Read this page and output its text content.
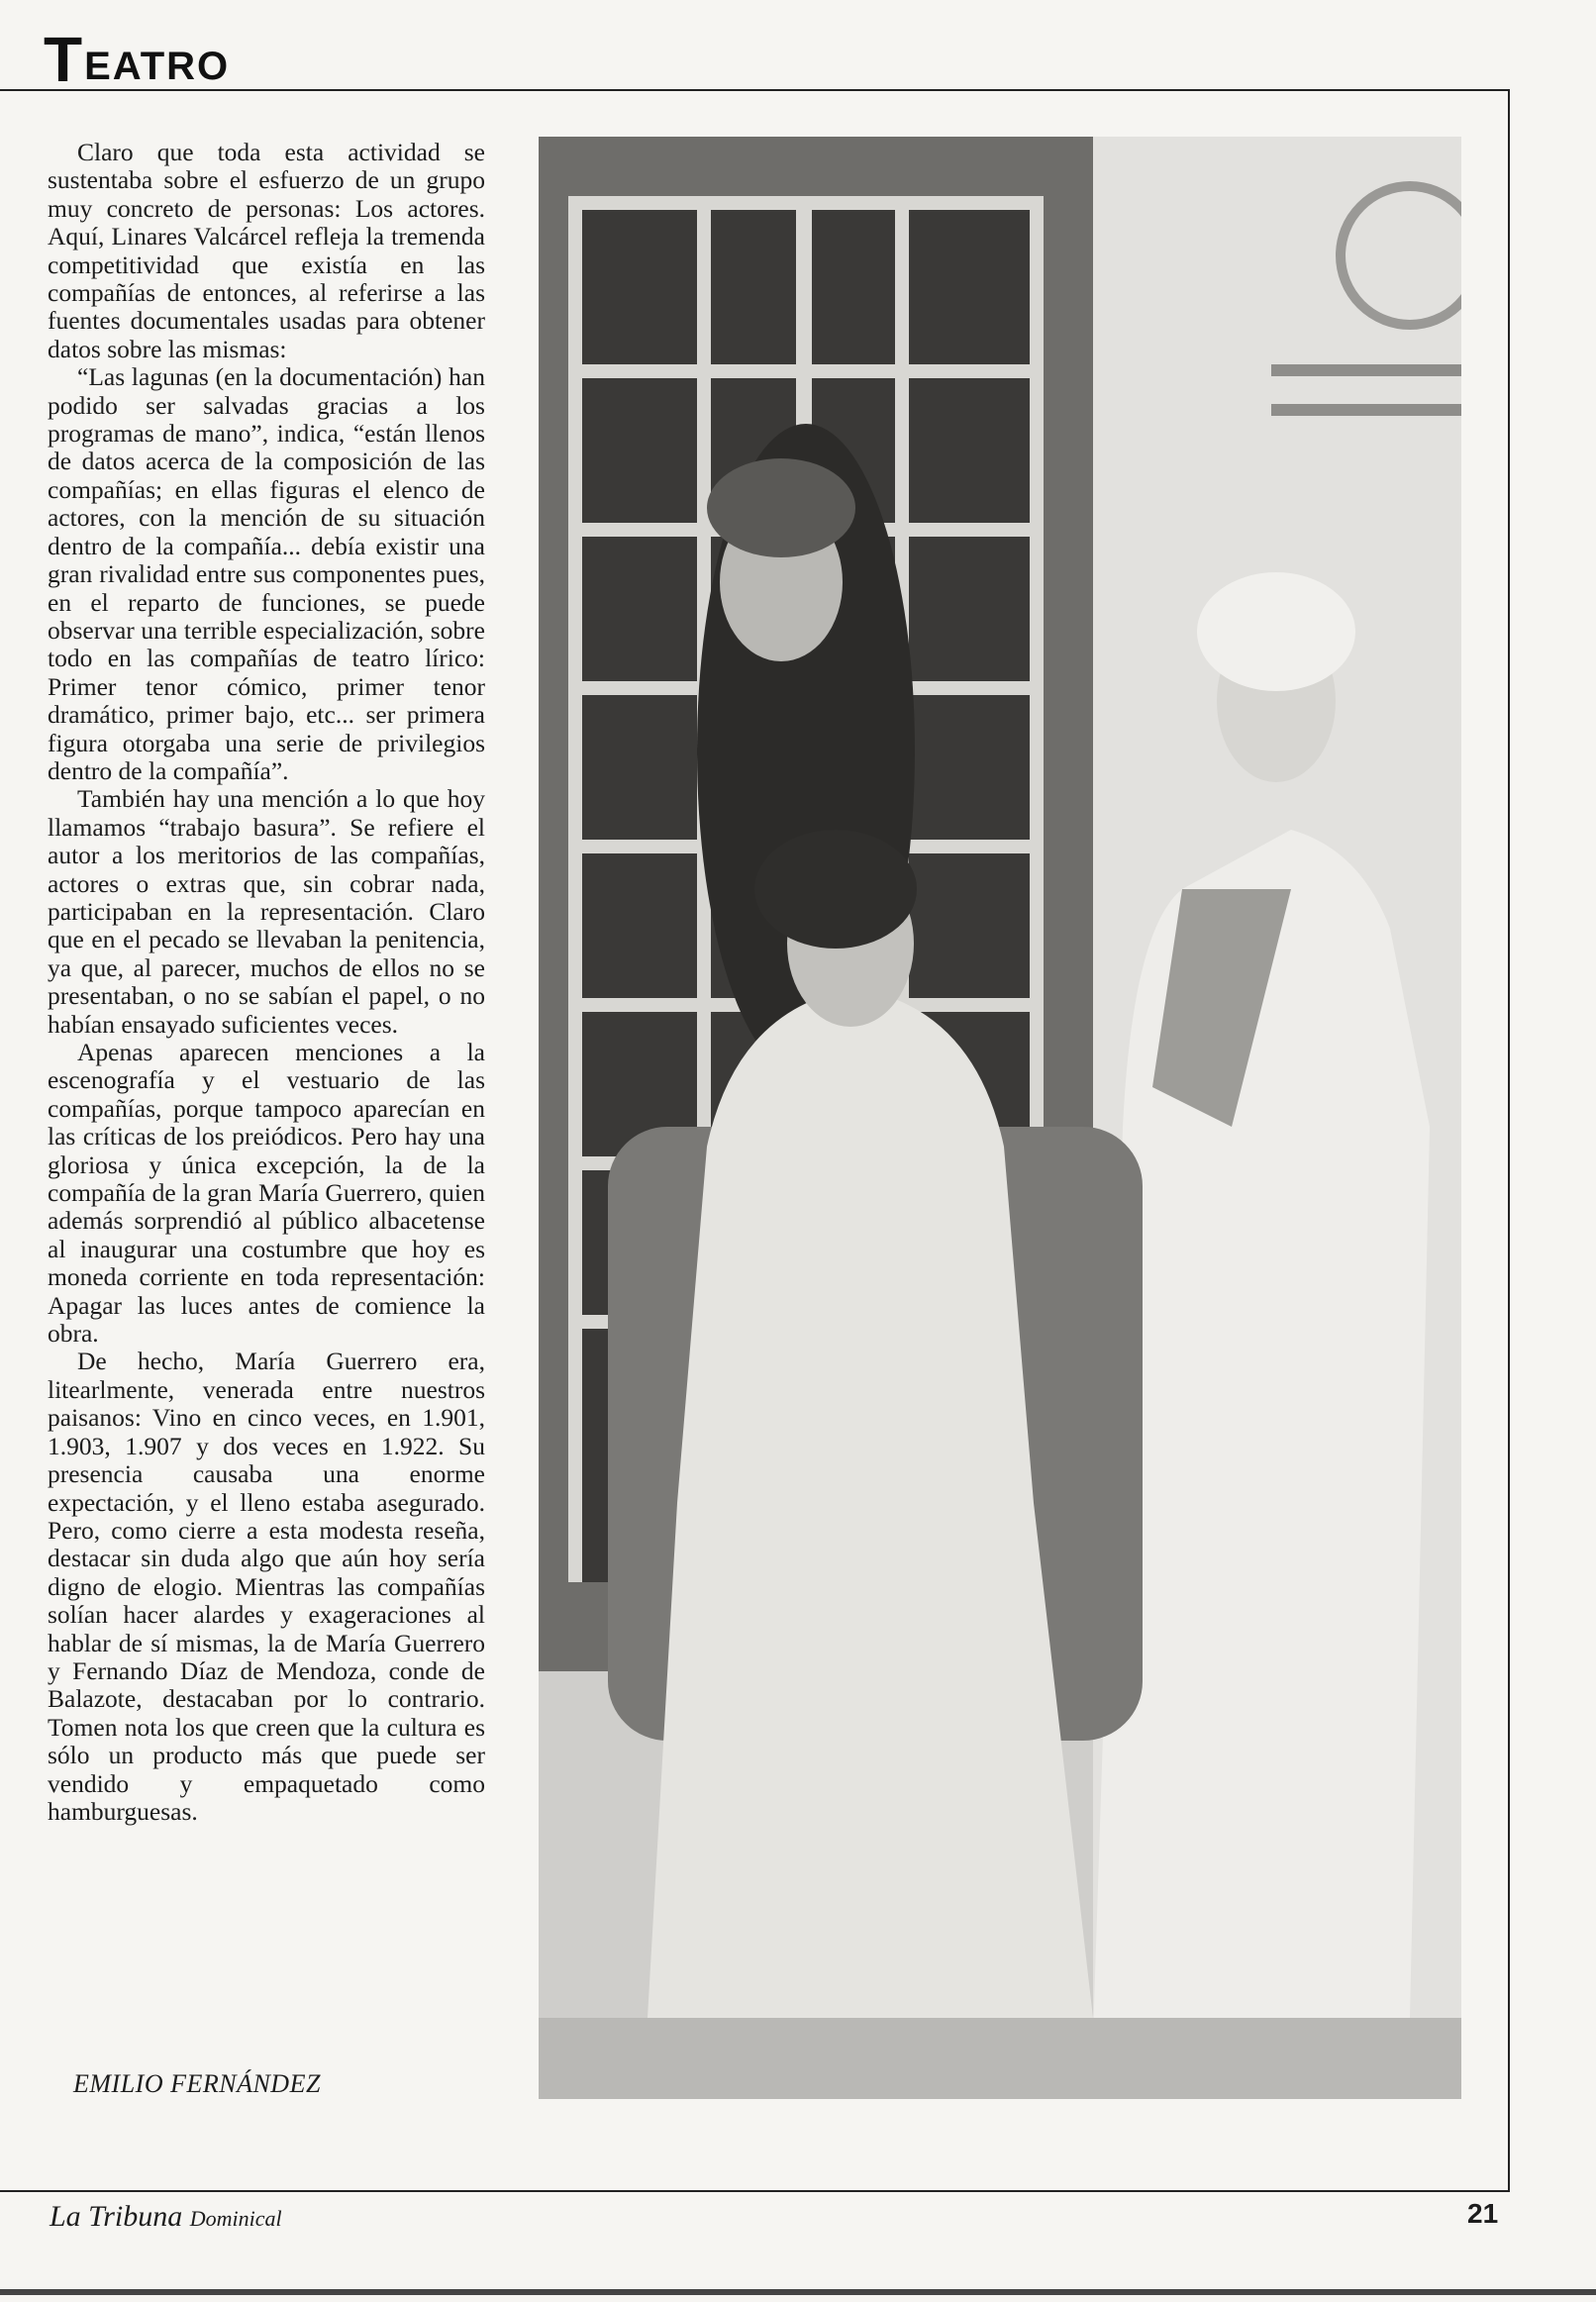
TEATRO

Claro que toda esta actividad se sustentaba sobre el esfuerzo de un grupo muy concreto de personas: Los actores. Aquí, Linares Valcárcel refleja la tremenda competitividad que existía en las compañías de entonces, al referirse a las fuentes documentales usadas para obtener datos sobre las mismas:

“Las lagunas (en la documentación) han podido ser salvadas gracias a los programas de mano”, indica, “están llenos de datos acerca de la composición de las compañías; en ellas figuras el elenco de actores, con la mención de su situación dentro de la compañía... debía existir una gran rivalidad entre sus componentes pues, en el reparto de funciones, se puede observar una terrible especialización, sobre todo en las compañías de teatro lírico: Primer tenor cómico, primer tenor dramático, primer bajo, etc... ser primera figura otorgaba una serie de privilegios dentro de la compañía”.

También hay una mención a lo que hoy llamamos “trabajo basura”. Se refiere el autor a los meritorios de las compañías, actores o extras que, sin cobrar nada, participaban en la representación. Claro que en el pecado se llevaban la penitencia, ya que, al parecer, muchos de ellos no se presentaban, o no se sabían el papel, o no habían ensayado suficientes veces.

Apenas aparecen menciones a la escenografía y el vestuario de las compañías, porque tampoco aparecían en las críticas de los preiódicos. Pero hay una gloriosa y única excepción, la de la compañía de la gran María Guerrero, quien además sorprendió al público albacetense al inaugurar una costumbre que hoy es moneda corriente en toda representación: Apagar las luces antes de comience la obra.

De hecho, María Guerrero era, litearlmente, venerada entre nuestros paisanos: Vino en cinco veces, en 1.901, 1.903, 1.907 y dos veces en 1.922. Su presencia causaba una enorme expectación, y el lleno estaba asegurado. Pero, como cierre a esta modesta reseña, destacar sin duda algo que aún hoy sería digno de elogio. Mientras las compañías solían hacer alardes y exageraciones al hablar de sí mismas, la de María Guerrero y Fernando Díaz de Mendoza, conde de Balazote, destacaban por lo contrario. Tomen nota los que creen que la cultura es sólo un producto más que puede ser vendido y empaquetado como hamburguesas.

EMILIO FERNÁNDEZ
La Tribuna Dominical	21
